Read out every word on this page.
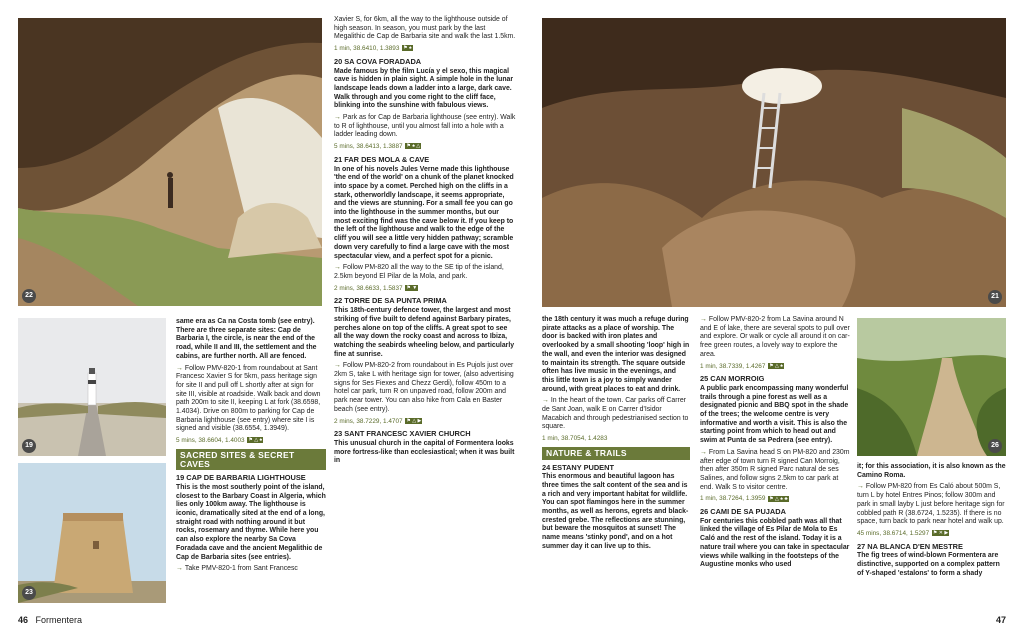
22
19
23
21
26

Xavier S, for 6km, all the way to the lighthouse outside of high season. In season, you must park by the last Megalithic de Cap de Barbaria site and walk the last 1.5km.

1 min, 38.6410, 1.3893 ⚑ ♠
20 SA COVA FORADADA

Made famous by the film Lucía y el sexo, this magical cave is hidden in plain sight. A simple hole in the lunar landscape leads down a ladder into a large, dark cave. Walk through and you come right to the cliff face, blinking into the sunshine with fabulous views.

→ Park as for Cap de Barbaria lighthouse (see entry). Walk to R of lighthouse, until you almost fall into a hole with a ladder leading down.

5 mins, 38.6413, 1.3887 ⚑ ♠ △
21 FAR DES MOLA & CAVE

In one of his novels Jules Verne made this lighthouse 'the end of the world' on a chunk of the planet knocked into space by a comet. Perched high on the cliffs in a stark, otherworldly landscape, it seems appropriate, and the views are stunning. For a small fee you can go into the lighthouse in the summer months, but our most exciting find was the cave below it. If you keep to the left of the lighthouse and walk to the edge of the cliff you will see a little very hidden pathway; scramble down very carefully to find a large cave with the most spectacular view, and a perfect spot for a picnic.

→ Follow PM-820 all the way to the SE tip of the island, 2.5km beyond El Pilar de la Mola, and park.

2 mins, 38.6633, 1.5837 ⚑ ▼
22 TORRE DE SA PUNTA PRIMA

This 18th-century defence tower, the largest and most striking of five built to defend against Barbary pirates, perches alone on top of the cliffs. A great spot to see all the way down the rocky coast and across to Ibiza, watching the seabirds wheeling below, and particularly fine at sunrise.

→ Follow PM-820-2 from roundabout in Es Pujols just over 2km S, take L with heritage sign for tower, (also advertising signs for Ses Fiexes and Chezz Gerdi), follow 450m to a hotel car park, turn R on unpaved road, follow 200m and park near tower. You can also hike from Cala en Baster beach (see entry).

2 mins, 38.7229, 1.4707 ⚑ △ ▶
23 SANT FRANCESC XAVIER CHURCH

This unusual church in the capital of Formentera looks more fortress-like than ecclesiastical; when it was built in

same era as Ca na Costa tomb (see entry). There are three separate sites: Cap de Barbaria I, the circle, is near the end of the road, while II and III, the settlement and the cabins, are further north. All are fenced.

→ Follow PMV-820-1 from roundabout at Sant Francesc Xavier S for 5km, pass heritage sign for site II and pull off L shortly after at sign for site III, visible at roadside. Walk back and down path 200m to site II, keeping L at fork (38.6598, 1.4034). Drive on 800m to parking for Cap de Barbaria lighthouse (see entry) where site I is signed and visible (38.6554, 1.3949).

5 mins, 38.6604, 1.4003 ⚑ △ ♠
SACRED SITES & SECRET CAVES
19 CAP DE BARBARIA LIGHTHOUSE

This is the most southerly point of the island, closest to the Barbary Coast in Algeria, which lies only 100km away. The lighthouse is iconic, dramatically sited at the end of a long, straight road with nothing around it but rocks, rosemary and thyme. While here you can also explore the nearby Sa Cova Foradada cave and the ancient Megalithic de Cap de Barbaria sites (see entries).

→ Take PMV-820-1 from Sant Francesc

the 18th century it was much a refuge during pirate attacks as a place of worship. The door is backed with iron plates and overlooked by a small shooting 'loop' high in the wall, and even the interior was designed to maintain its strength. The square outside often has live music in the evenings, and this little town is a joy to simply wander around, with great places to eat and drink.

→ In the heart of the town. Car parks off Carrer de Sant Joan, walk E on Carrer d'Isidor Macabich and through pedestrianised section to square.

1 min, 38.7054, 1.4283
NATURE & TRAILS
24 ESTANY PUDENT

This enormous and beautiful lagoon has three times the salt content of the sea and is a rich and very important habitat for wildlife. You can spot flamingos here in the summer months, as well as herons, egrets and black-crested grebe. The reflections are stunning, but beware the mosquitos at sunset! The name means 'stinky pond', and on a hot summer day it can live up to this.

→ Follow PMV-820-2 from La Savina around N and E of lake, there are several spots to pull over and explore. Or walk or cycle all around it on car-free green routes, a lovely way to explore the area.

1 min, 38.7339, 1.4267 ⚑ △ ♠
25 CAN MORROIG

A public park encompassing many wonderful trails through a pine forest as well as a designated picnic and BBQ spot in the shade of the trees; the welcome centre is very informative and worth a visit. This is also the starting point from which to head out and swim at Punta de sa Pedrera (see entry).

→ From La Savina head S on PM-820 and 230m after edge of town turn R signed Can Morroig, then after 350m R signed Parc natural de ses Salines, and follow signs 2.5km to car park at end. Walk S to visitor centre.

1 min, 38.7264, 1.3959 ⚑ △ ♠ ♣
26 CAMI DE SA PUJADA

For centuries this cobbled path was all that linked the village of Es Pilar de Mola to Es Caló and the rest of the island. Today it is a nature trail where you can take in spectacular views while walking in the footsteps of the Augustine monks who used

it; for this association, it is also known as the Camino Roma.

→ Follow PM-820 from Es Caló about 500m S, turn L by hotel Entres Pinos; follow 300m and park in small layby L just before heritage sign for cobbled path R (38.6724, 1.5235). If there is no space, turn back to park near hotel and walk up.

45 mins, 38.6714, 1.5297 ⚑ ✕ ▶
27 NA BLANCA D'EN MESTRE

The fig trees of wind-blown Formentera are distinctive, supported on a complex pattern of Y-shaped 'estalons' to form a shady

46 Formentera	47
